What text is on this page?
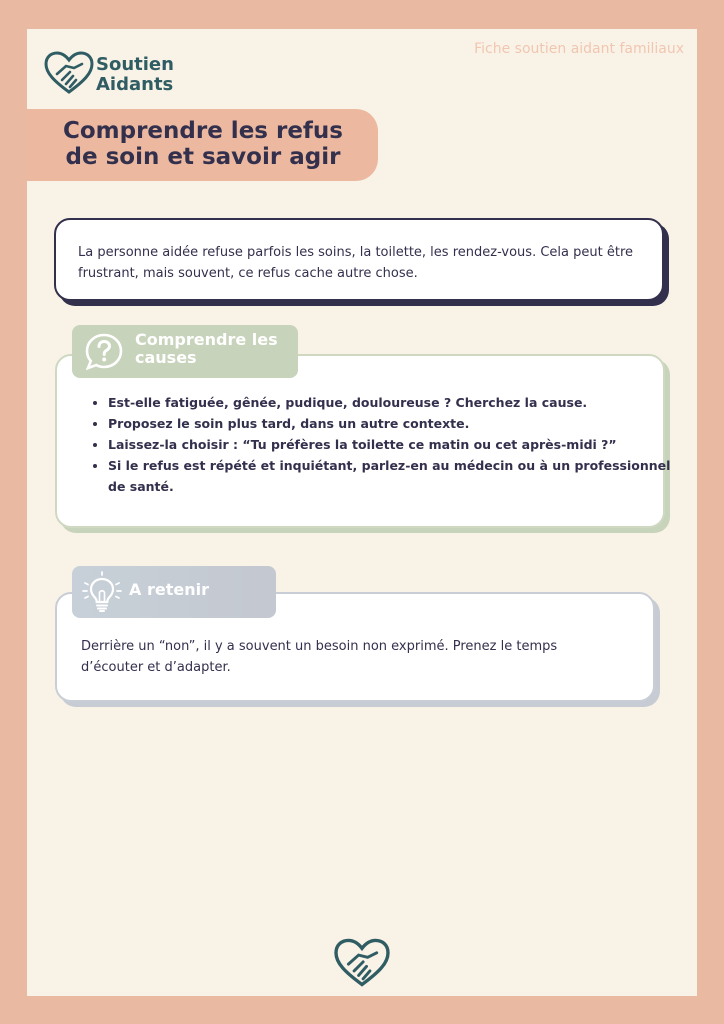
Fiche soutien aidant familiaux
Soutien
Aidants
Comprendre les refus
de soin et savoir agir

La personne aidée refuse parfois les soins, la toilette, les rendez-vous. Cela peut être frustrant, mais souvent, ce refus cache autre chose.

Comprendre les causes
• Est-elle fatiguée, gênée, pudique, douloureuse ? Cherchez la cause.
• Proposez le soin plus tard, dans un autre contexte.
• Laissez-la choisir : “Tu préfères la toilette ce matin ou cet après-midi ?”
• Si le refus est répété et inquiétant, parlez-en au médecin ou à un professionnel de santé.

Derrière un “non”, il y a souvent un besoin non exprimé. Prenez le temps d’écouter et d’adapter.

A retenir
